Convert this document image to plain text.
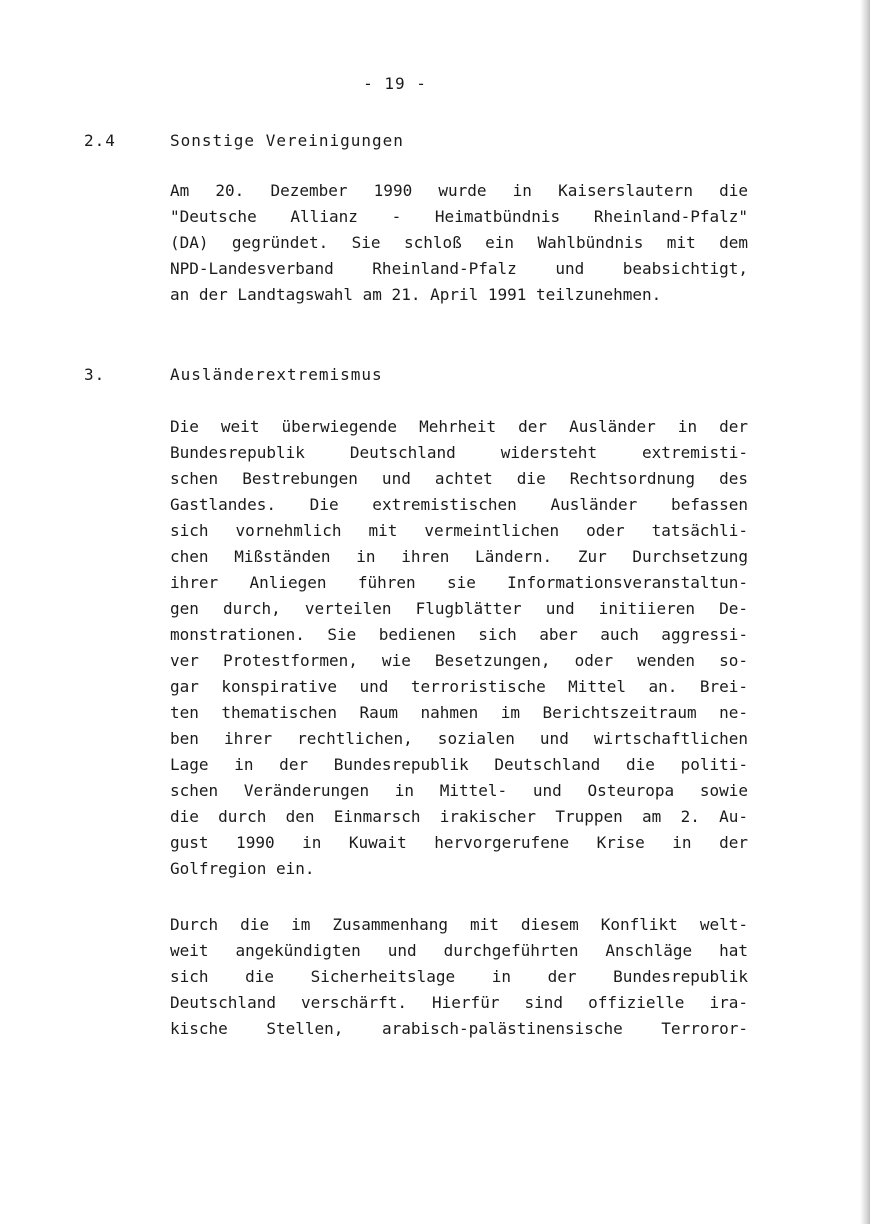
- 19 -
2.4	Sonstige Vereinigungen
Am 20. Dezember 1990 wurde in Kaiserslautern die
"Deutsche Allianz - Heimatbündnis Rheinland-Pfalz"
(DA) gegründet. Sie schloß ein Wahlbündnis mit dem
NPD-Landesverband Rheinland-Pfalz und beabsichtigt,
an der Landtagswahl am 21. April 1991 teilzunehmen.
3.	Ausländerextremismus
Die weit überwiegende Mehrheit der Ausländer in der
Bundesrepublik Deutschland widersteht extremisti-
schen Bestrebungen und achtet die Rechtsordnung des
Gastlandes. Die extremistischen Ausländer befassen
sich vornehmlich mit vermeintlichen oder tatsächli-
chen Mißständen in ihren Ländern. Zur Durchsetzung
ihrer Anliegen führen sie Informationsveranstaltun-
gen durch, verteilen Flugblätter und initiieren De-
monstrationen. Sie bedienen sich aber auch aggressi-
ver Protestformen, wie Besetzungen, oder wenden so-
gar konspirative und terroristische Mittel an. Brei-
ten thematischen Raum nahmen im Berichtszeitraum ne-
ben ihrer rechtlichen, sozialen und wirtschaftlichen
Lage in der Bundesrepublik Deutschland die politi-
schen Veränderungen in Mittel- und Osteuropa sowie
die durch den Einmarsch irakischer Truppen am 2. Au-
gust 1990 in Kuwait hervorgerufene Krise in der
Golfregion ein.
Durch die im Zusammenhang mit diesem Konflikt welt-
weit angekündigten und durchgeführten Anschläge hat
sich die Sicherheitslage in der Bundesrepublik
Deutschland verschärft. Hierfür sind offizielle ira-
kische Stellen, arabisch-palästinensische Terroror-
